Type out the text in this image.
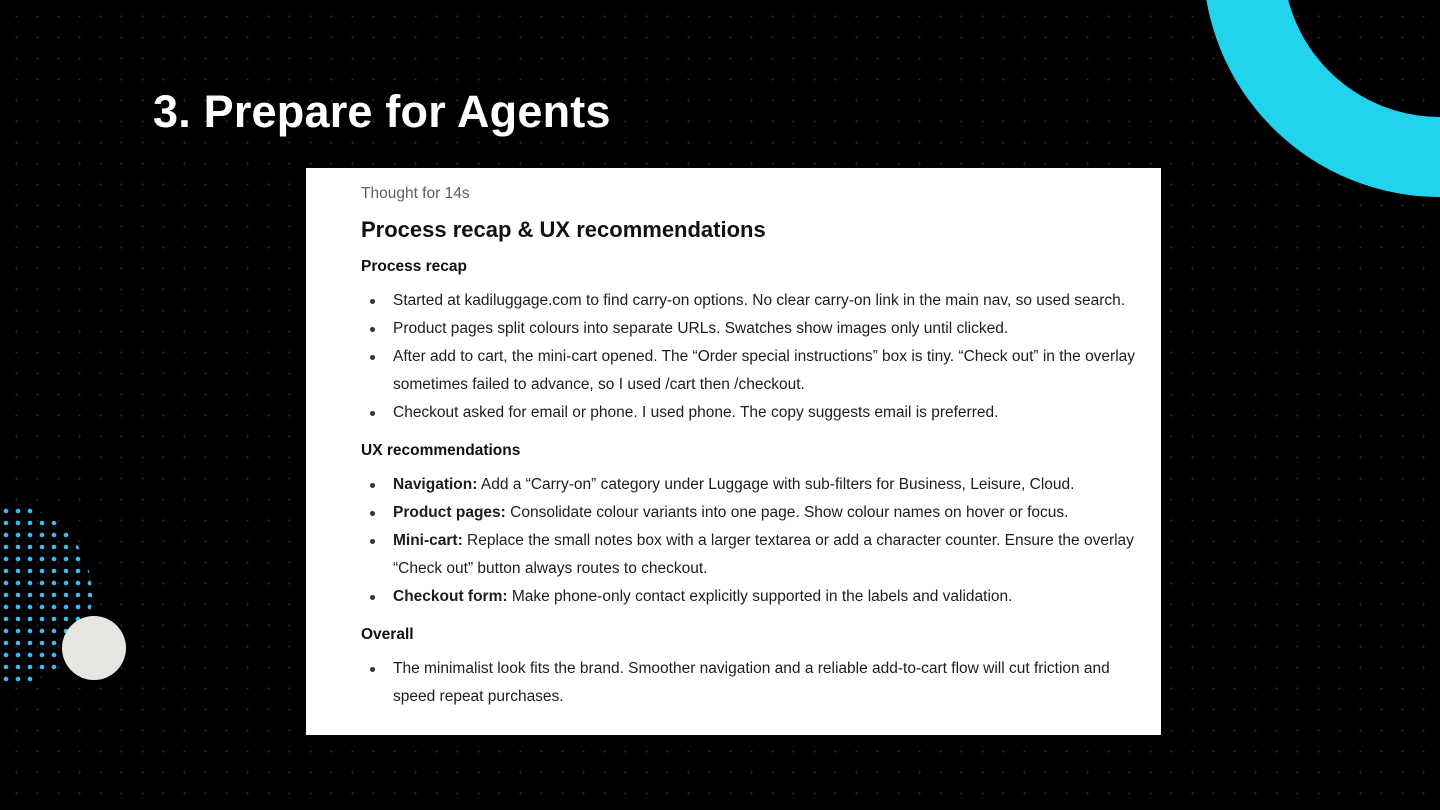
3. Prepare for Agents

Thought for 14s

Process recap & UX recommendations
Process recap
Started at kadiluggage.com to find carry-on options. No clear carry-on link in the main nav, so used search.
Product pages split colours into separate URLs. Swatches show images only until clicked.
After add to cart, the mini-cart opened. The “Order special instructions” box is tiny. “Check out” in the overlay sometimes failed to advance, so I used /cart then /checkout.
Checkout asked for email or phone. I used phone. The copy suggests email is preferred.
UX recommendations
Navigation: Add a “Carry-on” category under Luggage with sub-filters for Business, Leisure, Cloud.
Product pages: Consolidate colour variants into one page. Show colour names on hover or focus.
Mini-cart: Replace the small notes box with a larger textarea or add a character counter. Ensure the overlay “Check out” button always routes to checkout.
Checkout form: Make phone-only contact explicitly supported in the labels and validation.
Overall
The minimalist look fits the brand. Smoother navigation and a reliable add-to-cart flow will cut friction and speed repeat purchases.
